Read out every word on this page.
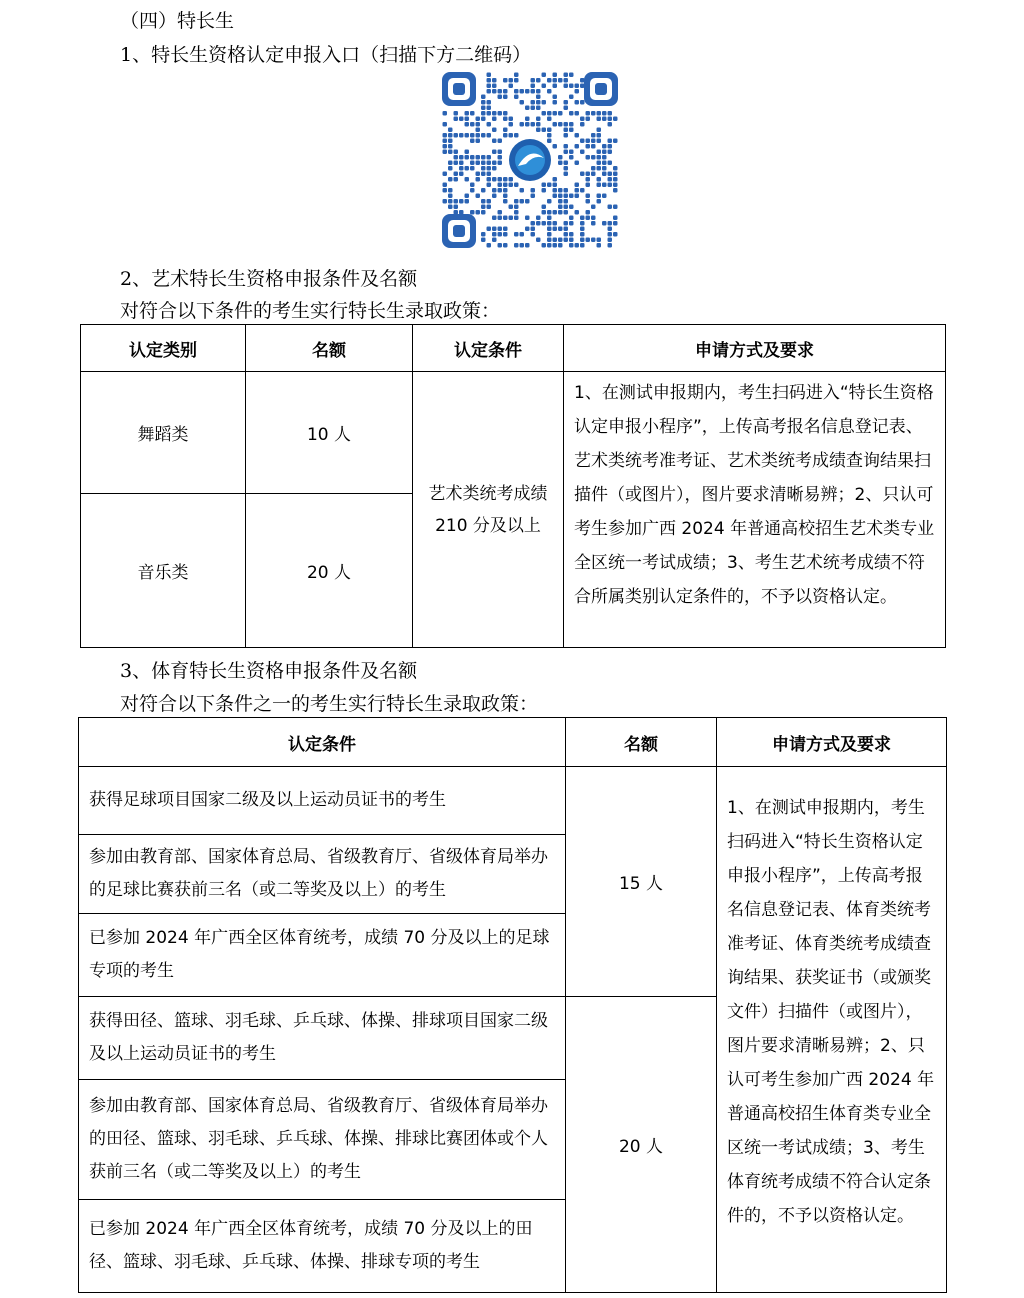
（四）特长生
1、特长生资格认定申报入口（扫描下方二维码）
2、艺术特长生资格申报条件及名额
对符合以下条件的考生实行特长生录取政策：
认定类别	名额	认定条件	申请方式及要求
舞蹈类	10 人	艺术类统考成绩210 分及以上	1、在测试申报期内，考生扫码进入“特长生资格认定申报小程序”，上传高考报名信息登记表、艺术类统考准考证、艺术类统考成绩查询结果扫描件（或图片），图片要求清晰易辨；2、只认可考生参加广西 2024 年普通高校招生艺术类专业全区统一考试成绩；3、考生艺术统考成绩不符合所属类别认定条件的，不予以资格认定。
音乐类	20 人		
3、体育特长生资格申报条件及名额
对符合以下条件之一的考生实行特长生录取政策：
认定条件	名额	申请方式及要求
获得足球项目国家二级及以上运动员证书的考生	15 人	1、在测试申报期内，考生扫码进入“特长生资格认定申报小程序”，上传高考报名信息登记表、体育类统考准考证、体育类统考成绩查询结果、获奖证书（或颁奖文件）扫描件（或图片），图片要求清晰易辨；2、只认可考生参加广西 2024 年普通高校招生体育类专业全区统一考试成绩；3、考生体育统考成绩不符合认定条件的，不予以资格认定。
参加由教育部、国家体育总局、省级教育厅、省级体育局举办的足球比赛获前三名（或二等奖及以上）的考生		
已参加 2024 年广西全区体育统考，成绩 70 分及以上的足球专项的考生		
获得田径、篮球、羽毛球、乒乓球、体操、排球项目国家二级及以上运动员证书的考生	20 人	
参加由教育部、国家体育总局、省级教育厅、省级体育局举办的田径、篮球、羽毛球、乒乓球、体操、排球比赛团体或个人获前三名（或二等奖及以上）的考生		
已参加 2024 年广西全区体育统考，成绩 70 分及以上的田径、篮球、羽毛球、乒乓球、体操、排球专项的考生		
